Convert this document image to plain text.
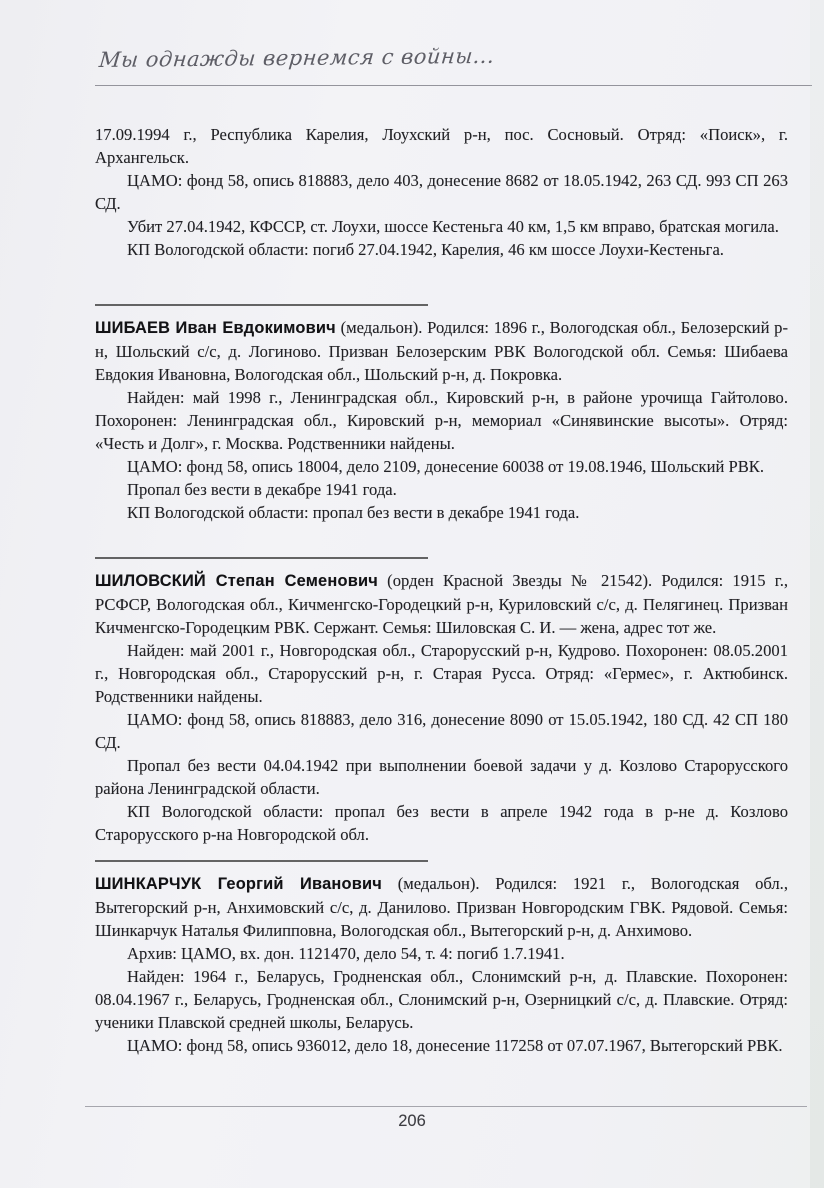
Мы однажды вернемся с войны...

17.09.1994 г., Республика Карелия, Лоухский р-н, пос. Сосновый. Отряд: «Поиск», г. Архангельск.

ЦАМО: фонд 58, опись 818883, дело 403, донесение 8682 от 18.05.1942, 263 СД. 993 СП 263 СД.

Убит 27.04.1942, КФССР, ст. Лоухи, шоссе Кестеньга 40 км, 1,5 км вправо, братская могила.

КП Вологодской области: погиб 27.04.1942, Карелия, 46 км шоссе Лоухи-Кестеньга.

ШИБАЕВ Иван Евдокимович (медальон). Родился: 1896 г., Вологодская обл., Белозерский р-н, Шольский с/с, д. Логиново. Призван Белозерским РВК Вологодской обл. Семья: Шибаева Евдокия Ивановна, Вологодская обл., Шольский р-н, д. Покровка.

Найден: май 1998 г., Ленинградская обл., Кировский р-н, в районе урочища Гайтолово. Похоронен: Ленинградская обл., Кировский р-н, мемориал «Синявинские высоты». Отряд: «Честь и Долг», г. Москва. Родственники найдены.

ЦАМО: фонд 58, опись 18004, дело 2109, донесение 60038 от 19.08.1946, Шольский РВК.

Пропал без вести в декабре 1941 года.

КП Вологодской области: пропал без вести в декабре 1941 года.

ШИЛОВСКИЙ Степан Семенович (орден Красной Звезды № 21542). Родился: 1915 г., РСФСР, Вологодская обл., Кичменгско-Городецкий р-н, Куриловский с/с, д. Пелягинец. Призван Кичменгско-Городецким РВК. Сержант. Семья: Шиловская С. И. — жена, адрес тот же.

Найден: май 2001 г., Новгородская обл., Старорусский р-н, Кудрово. Похоронен: 08.05.2001 г., Новгородская обл., Старорусский р-н, г. Старая Русса. Отряд: «Гермес», г. Актюбинск. Родственники найдены.

ЦАМО: фонд 58, опись 818883, дело 316, донесение 8090 от 15.05.1942, 180 СД. 42 СП 180 СД.

Пропал без вести 04.04.1942 при выполнении боевой задачи у д. Козлово Старорусского района Ленинградской области.

КП Вологодской области: пропал без вести в апреле 1942 года в р-не д. Козлово Старорусского р-на Новгородской обл.

ШИНКАРЧУК Георгий Иванович (медальон). Родился: 1921 г., Вологодская обл., Вытегорский р-н, Анхимовский с/с, д. Данилово. Призван Новгородским ГВК. Рядовой. Семья: Шинкарчук Наталья Филипповна, Вологодская обл., Вытегорский р-н, д. Анхимово.

Архив: ЦАМО, вх. дон. 1121470, дело 54, т. 4: погиб 1.7.1941.

Найден: 1964 г., Беларусь, Гродненская обл., Слонимский р-н, д. Плавские. Похоронен: 08.04.1967 г., Беларусь, Гродненская обл., Слонимский р-н, Озерницкий с/с, д. Плавские. Отряд: ученики Плавской средней школы, Беларусь.

ЦАМО: фонд 58, опись 936012, дело 18, донесение 117258 от 07.07.1967, Вытегорский РВК.

206
